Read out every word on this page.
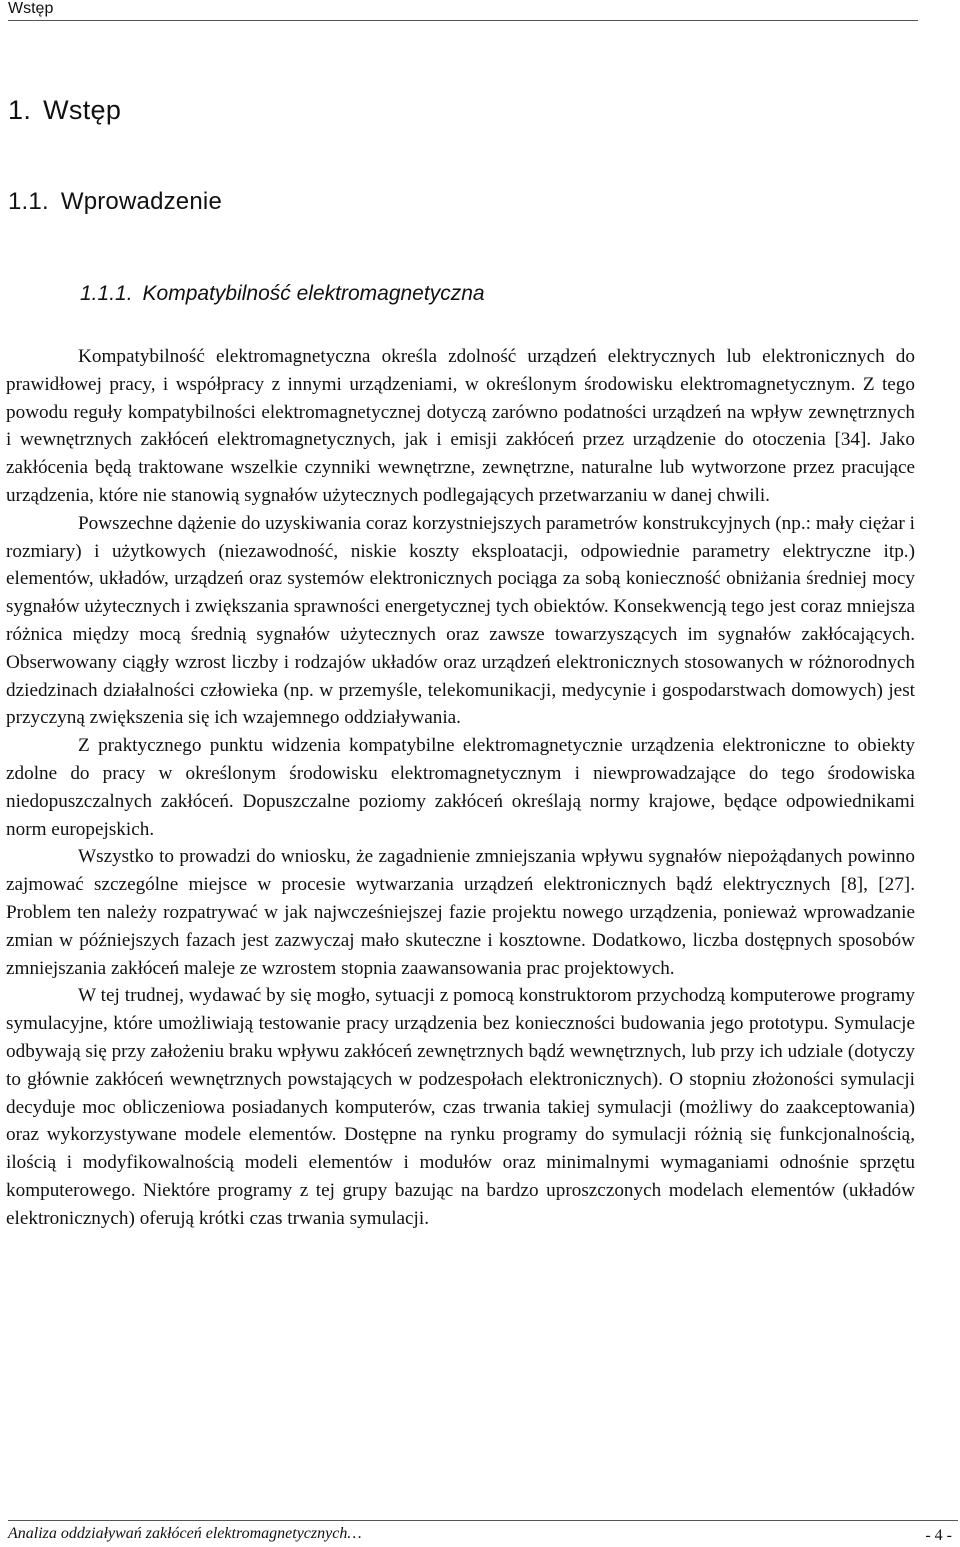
Wstęp
1. Wstęp
1.1. Wprowadzenie
1.1.1. Kompatybilność elektromagnetyczna

Kompatybilność elektromagnetyczna określa zdolność urządzeń elektrycznych lub elektronicznych do prawidłowej pracy, i współpracy z innymi urządzeniami, w określonym środowisku elektromagnetycznym. Z tego powodu reguły kompatybilności elektromagnetycznej dotyczą zarówno podatności urządzeń na wpływ zewnętrznych i wewnętrznych zakłóceń elektromagnetycznych, jak i emisji zakłóceń przez urządzenie do otoczenia [34]. Jako zakłócenia będą traktowane wszelkie czynniki wewnętrzne, zewnętrzne, naturalne lub wytworzone przez pracujące urządzenia, które nie stanowią sygnałów użytecznych podlegających przetwarzaniu w danej chwili.

Powszechne dążenie do uzyskiwania coraz korzystniejszych parametrów konstrukcyjnych (np.: mały ciężar i rozmiary) i użytkowych (niezawodność, niskie koszty eksploatacji, odpowiednie parametry elektryczne itp.) elementów, układów, urządzeń oraz systemów elektronicznych pociąga za sobą konieczność obniżania średniej mocy sygnałów użytecznych i zwiększania sprawności energetycznej tych obiektów. Konsekwencją tego jest coraz mniejsza różnica między mocą średnią sygnałów użytecznych oraz zawsze towarzyszących im sygnałów zakłócających. Obserwowany ciągły wzrost liczby i rodzajów układów oraz urządzeń elektronicznych stosowanych w różnorodnych dziedzinach działalności człowieka (np. w przemyśle, telekomunikacji, medycynie i gospodarstwach domowych) jest przyczyną zwiększenia się ich wzajemnego oddziaływania.

Z praktycznego punktu widzenia kompatybilne elektromagnetycznie urządzenia elektroniczne to obiekty zdolne do pracy w określonym środowisku elektromagnetycznym i niewprowadzające do tego środowiska niedopuszczalnych zakłóceń. Dopuszczalne poziomy zakłóceń określają normy krajowe, będące odpowiednikami norm europejskich.

Wszystko to prowadzi do wniosku, że zagadnienie zmniejszania wpływu sygnałów niepożądanych powinno zajmować szczególne miejsce w procesie wytwarzania urządzeń elektronicznych bądź elektrycznych [8], [27]. Problem ten należy rozpatrywać w jak najwcześniejszej fazie projektu nowego urządzenia, ponieważ wprowadzanie zmian w późniejszych fazach jest zazwyczaj mało skuteczne i kosztowne. Dodatkowo, liczba dostępnych sposobów zmniejszania zakłóceń maleje ze wzrostem stopnia zaawansowania prac projektowych.

W tej trudnej, wydawać by się mogło, sytuacji z pomocą konstruktorom przychodzą komputerowe programy symulacyjne, które umożliwiają testowanie pracy urządzenia bez konieczności budowania jego prototypu. Symulacje odbywają się przy założeniu braku wpływu zakłóceń zewnętrznych bądź wewnętrznych, lub przy ich udziale (dotyczy to głównie zakłóceń wewnętrznych powstających w podzespołach elektronicznych). O stopniu złożoności symulacji decyduje moc obliczeniowa posiadanych komputerów, czas trwania takiej symulacji (możliwy do zaakceptowania) oraz wykorzystywane modele elementów. Dostępne na rynku programy do symulacji różnią się funkcjonalnością, ilością i modyfikowalnością modeli elementów i modułów oraz minimalnymi wymaganiami odnośnie sprzętu komputerowego. Niektóre programy z tej grupy bazując na bardzo uproszczonych modelach elementów (układów elektronicznych) oferują krótki czas trwania symulacji.

Analiza oddziaływań zakłóceń elektromagnetycznych…	- 4 -
